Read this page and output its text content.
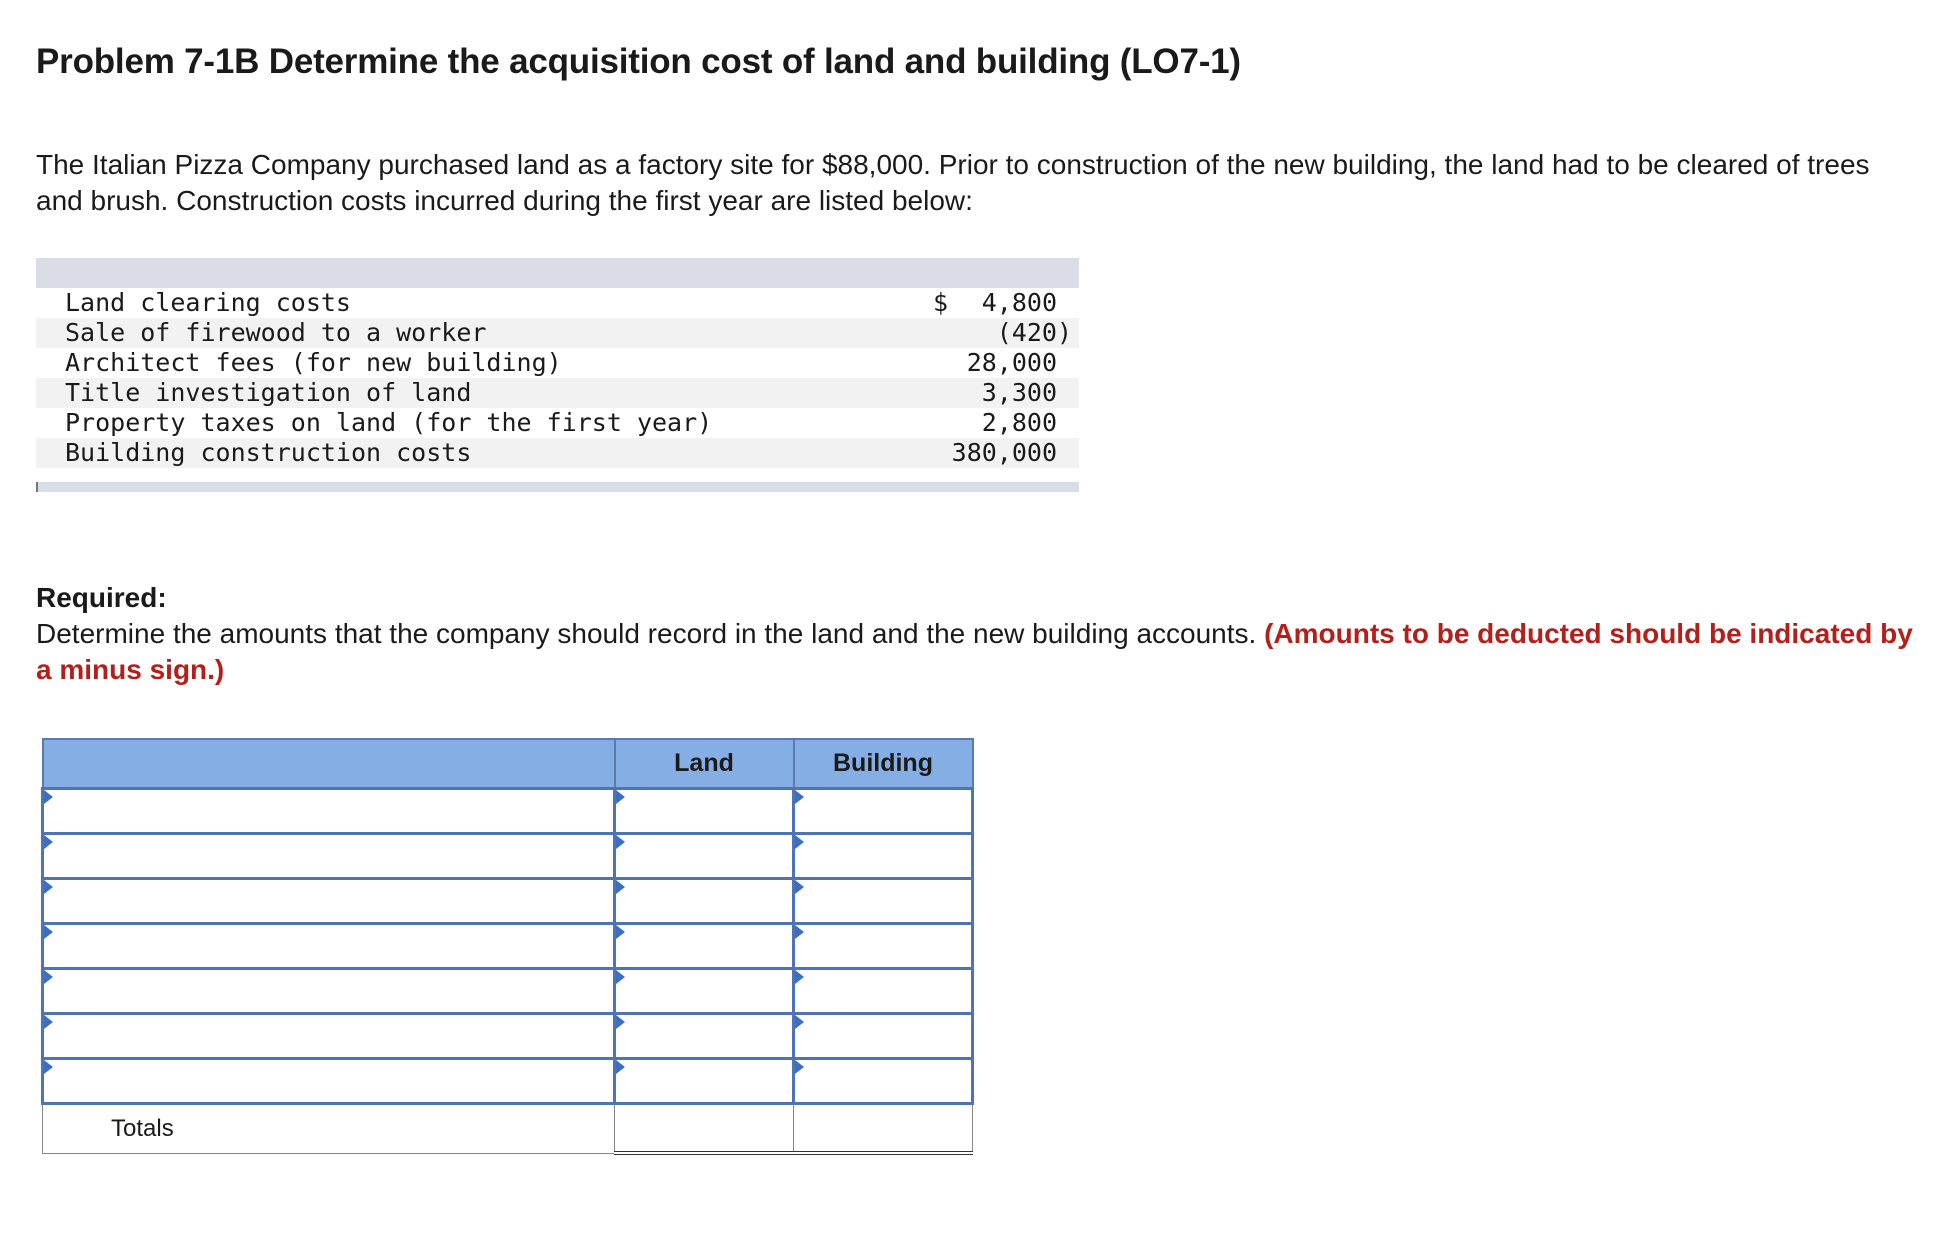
Problem 7-1B Determine the acquisition cost of land and building (LO7-1)
The Italian Pizza Company purchased land as a factory site for $88,000. Prior to construction of the new building, the land had to be cleared of trees and brush. Construction costs incurred during the first year are listed below:
Land clearing costs	$ 4,800
Sale of firewood to a worker	(420)
Architect fees (for new building)	28,000
Title investigation of land	3,300
Property taxes on land (for the first year)	2,800
Building construction costs	380,000
Required:
Determine the amounts that the company should record in the land and the new building accounts. (Amounts to be deducted should be indicated by a minus sign.)
	Land	Building

Totals		
